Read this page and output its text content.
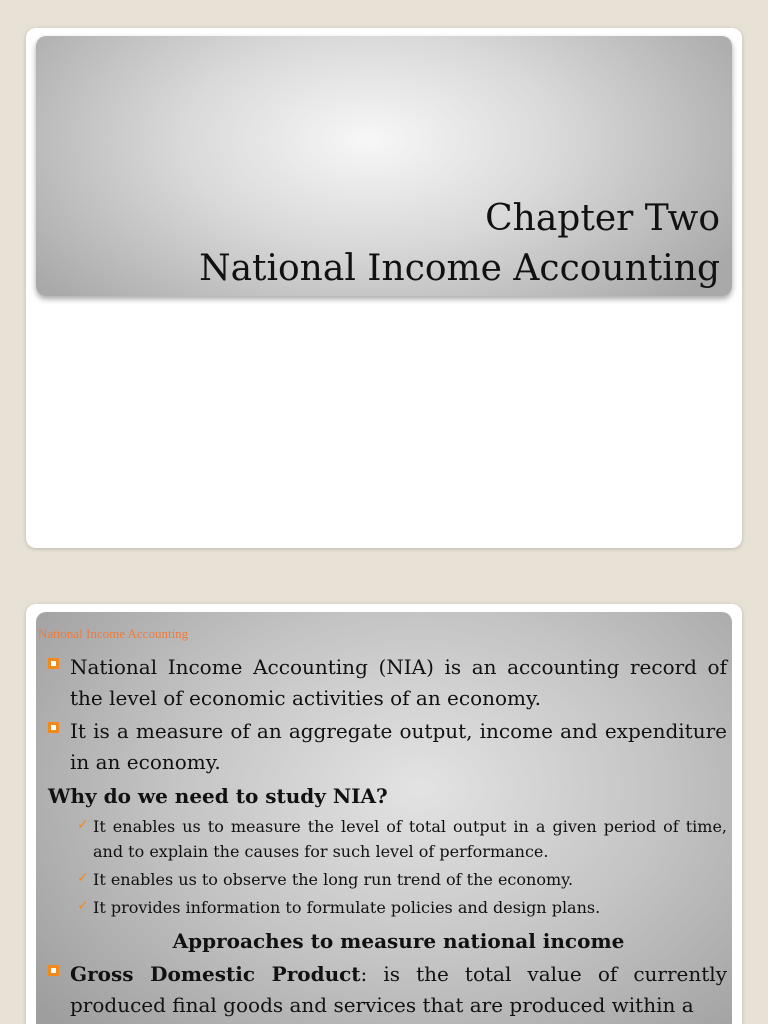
Chapter Two
National Income Accounting
National Income Accounting
National Income Accounting (NIA) is an accounting record of the level of economic activities of an economy.
It is a measure of an aggregate output, income and expenditure in an economy.
Why do we need to study NIA?
✓ It enables us to measure the level of total output in a given period of time, and to explain the causes for such level of performance.
✓ It enables us to observe the long run trend of the economy.
✓ It provides information to formulate policies and design plans.
Approaches to measure national income
Gross Domestic Product: is the total value of currently produced final goods and services that are produced within a
